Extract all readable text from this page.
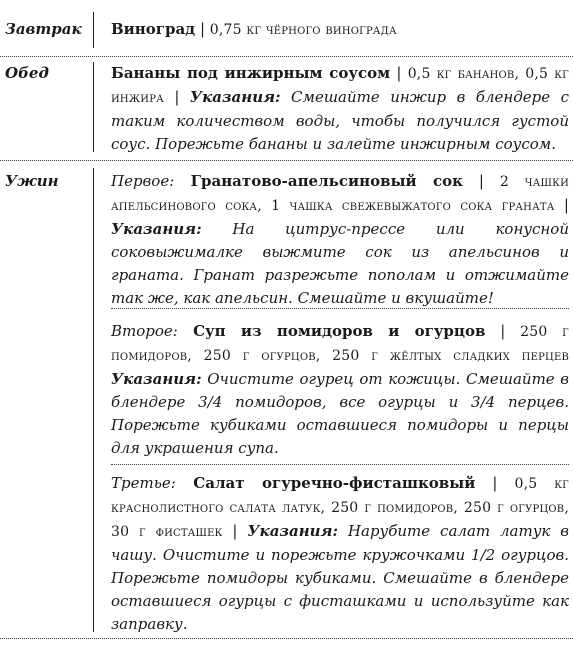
Завтрак Виноград | 0,75 кг чёрного винограда

Обед	Бананы под инжирным соусом | 0,5 кг бананов, 0,5 кг инжира | Указания: Смешайте инжир в блендере с таким количеством воды, чтобы получился густой соус. Порежьте бананы и залейте инжирным соусом.

Ужин	Первое: Гранатово-апельсиновый сок | 2 чашки апельсинового сока, 1 чашка свежевыжатого сока граната | Указания: На цитрус-прессе или конусной соковыжималке выжмите сок из апельсинов и граната. Гранат разрежьте пополам и отжимайте так же, как апельсин. Смешайте и вкушайте!

Второе: Суп из помидоров и огурцов | 250 г помидоров, 250 г огурцов, 250 г жёлтых сладких перцев Указания: Очистите огурец от кожицы. Смешайте в блендере 3/4 помидоров, все огурцы и 3/4 перцев. Порежьте кубиками оставшиеся помидоры и перцы для украшения супа.

Третье: Салат огуречно-фисташковый | 0,5 кг краснолистного салата латук, 250 г помидоров, 250 г огурцов, 30 г фисташек | Указания: Нарубите салат латук в чашу. Очистите и порежьте кружочками 1/2 огурцов. Порежьте помидоры кубиками. Смешайте в блендере оставшиеся огурцы с фисташками и используйте как заправку.
